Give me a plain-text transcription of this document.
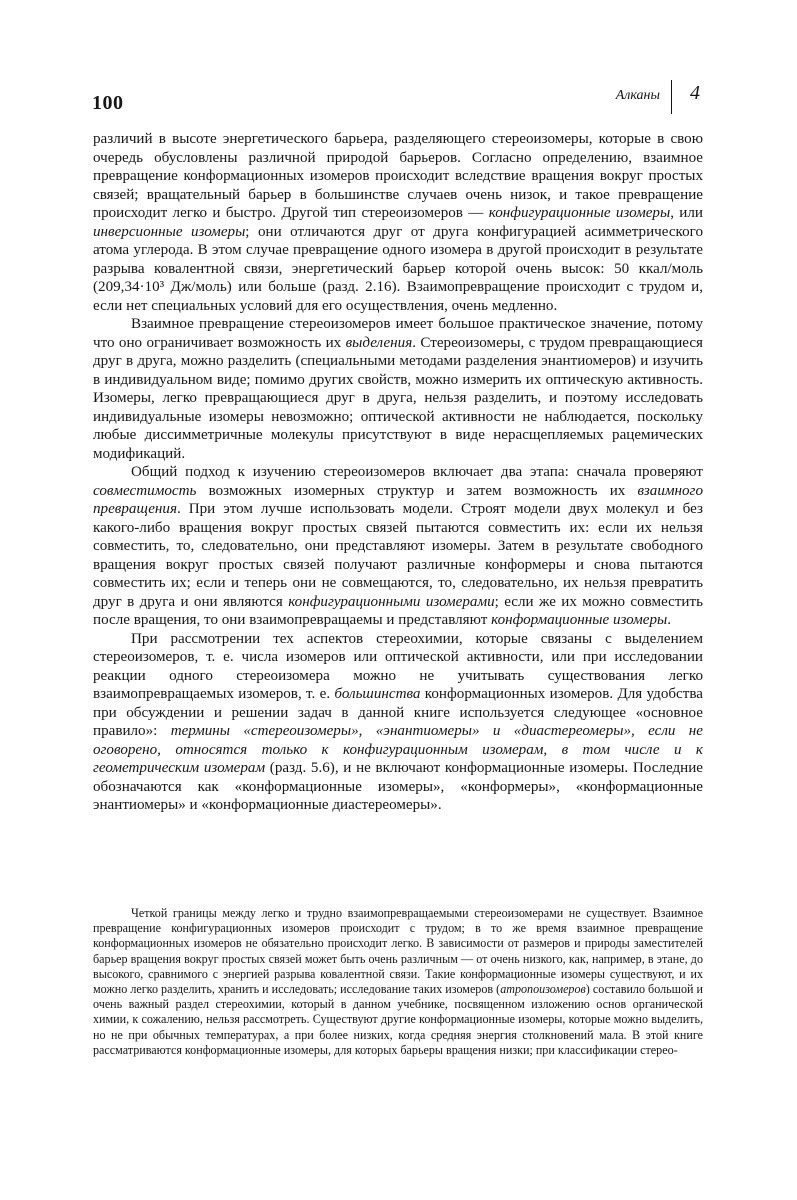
100	Алканы 4

различий в высоте энергетического барьера, разделяющего стереоизомеры, которые в свою очередь обусловлены различной природой барьеров. Согласно определению, взаимное превращение конформационных изомеров происходит вследствие вращения вокруг простых связей; вращательный барьер в большинстве случаев очень низок, и такое превращение происходит легко и быстро. Другой тип стереоизомеров — конфигурационные изомеры, или инверсионные изомеры; они отличаются друг от друга конфигурацией асимметрического атома углерода. В этом случае превращение одного изомера в другой происходит в результате разрыва ковалентной связи, энергетический барьер которой очень высок: 50 ккал/моль (209,34·10³ Дж/моль) или больше (разд. 2.16). Взаимопревращение происходит с трудом и, если нет специальных условий для его осуществления, очень медленно.

Взаимное превращение стереоизомеров имеет большое практическое значение, потому что оно ограничивает возможность их выделения. Стереоизомеры, с трудом превращающиеся друг в друга, можно разделить (специальными методами разделения энантиомеров) и изучить в индивидуальном виде; помимо других свойств, можно измерить их оптическую активность. Изомеры, легко превращающиеся друг в друга, нельзя разделить, и поэтому исследовать индивидуальные изомеры невозможно; оптической активности не наблюдается, поскольку любые диссимметричные молекулы присутствуют в виде нерасщепляемых рацемических модификаций.

Общий подход к изучению стереоизомеров включает два этапа: сначала проверяют совместимость возможных изомерных структур и затем возможность их взаимного превращения. При этом лучше использовать модели. Строят модели двух молекул и без какого-либо вращения вокруг простых связей пытаются совместить их: если их нельзя совместить, то, следовательно, они представляют изомеры. Затем в результате свободного вращения вокруг простых связей получают различные конформеры и снова пытаются совместить их; если и теперь они не совмещаются, то, следовательно, их нельзя превратить друг в друга и они являются конфигурационными изомерами; если же их можно совместить после вращения, то они взаимопревращаемы и представляют конформационные изомеры.

При рассмотрении тех аспектов стереохимии, которые связаны с выделением стереоизомеров, т. е. числа изомеров или оптической активности, или при исследовании реакции одного стереоизомера можно не учитывать существования легко взаимопревращаемых изомеров, т. е. большинства конформационных изомеров. Для удобства при обсуждении и решении задач в данной книге используется следующее «основное правило»: термины «стереоизомеры», «энантиомеры» и «диастереомеры», если не оговорено, относятся только к конфигурационным изомерам, в том числе и к геометрическим изомерам (разд. 5.6), и не включают конформационные изомеры. Последние обозначаются как «конформационные изомеры», «конформеры», «конформационные энантиомеры» и «конформационные диастереомеры».

Четкой границы между легко и трудно взаимопревращаемыми стереоизомерами не существует. Взаимное превращение конфигурационных изомеров происходит с трудом; в то же время взаимное превращение конформационных изомеров не обязательно происходит легко. В зависимости от размеров и природы заместителей барьер вращения вокруг простых связей может быть очень различным — от очень низкого, как, например, в этане, до высокого, сравнимого с энергией разрыва ковалентной связи. Такие конформационные изомеры существуют, и их можно легко разделить, хранить и исследовать; исследование таких изомеров (атропоизомеров) составило большой и очень важный раздел стереохимии, который в данном учебнике, посвященном изложению основ органической химии, к сожалению, нельзя рассмотреть. Существуют другие конформационные изомеры, которые можно выделить, но не при обычных температурах, а при более низких, когда средняя энергия столкновений мала. В этой книге рассматриваются конформационные изомеры, для которых барьеры вращения низки; при классификации стерео-
